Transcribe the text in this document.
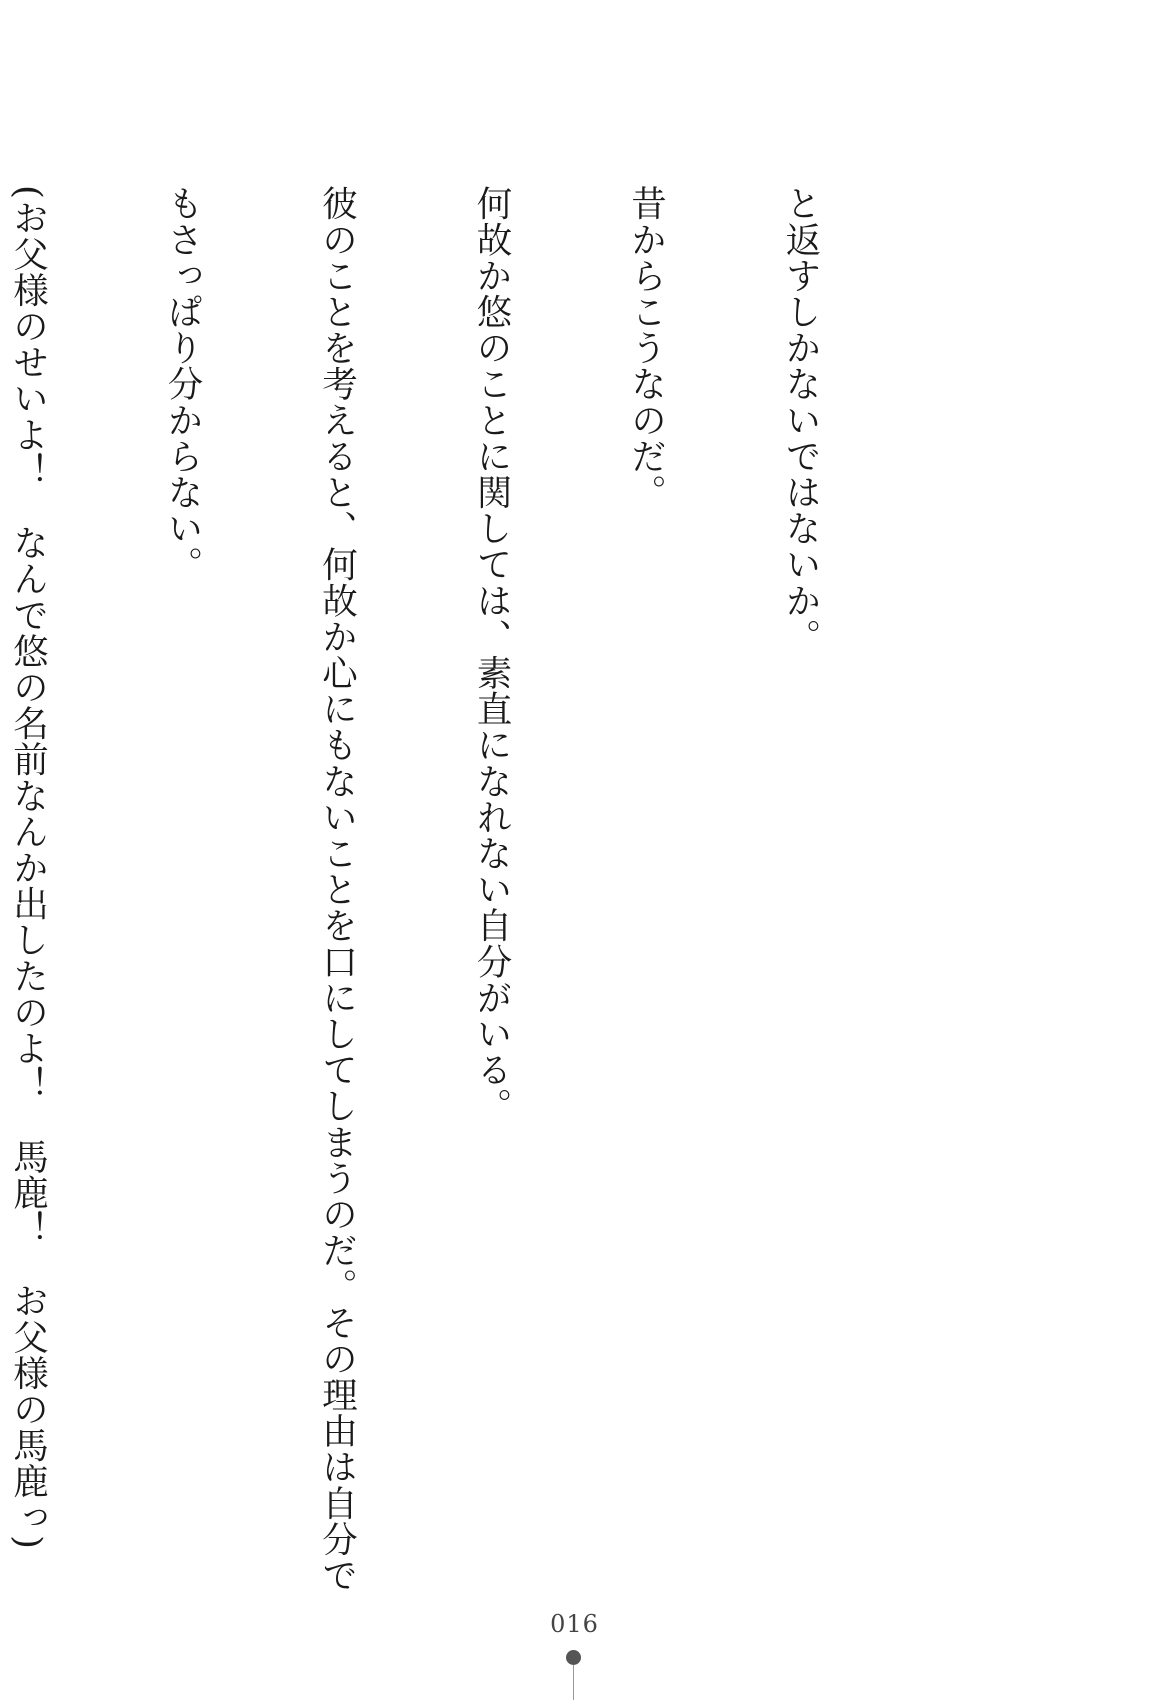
と返すしかないではないか。

昔からこうなのだ。

何故か悠のことに関しては、素直になれない自分がいる。

彼のことを考えると、何故か心にもないことを口にしてしまうのだ。その理由は自分で

もさっぱり分からない。

(お父様のせいよ！　なんで悠の名前なんか出したのよ！　馬鹿！　お父様の馬鹿っ)

016
